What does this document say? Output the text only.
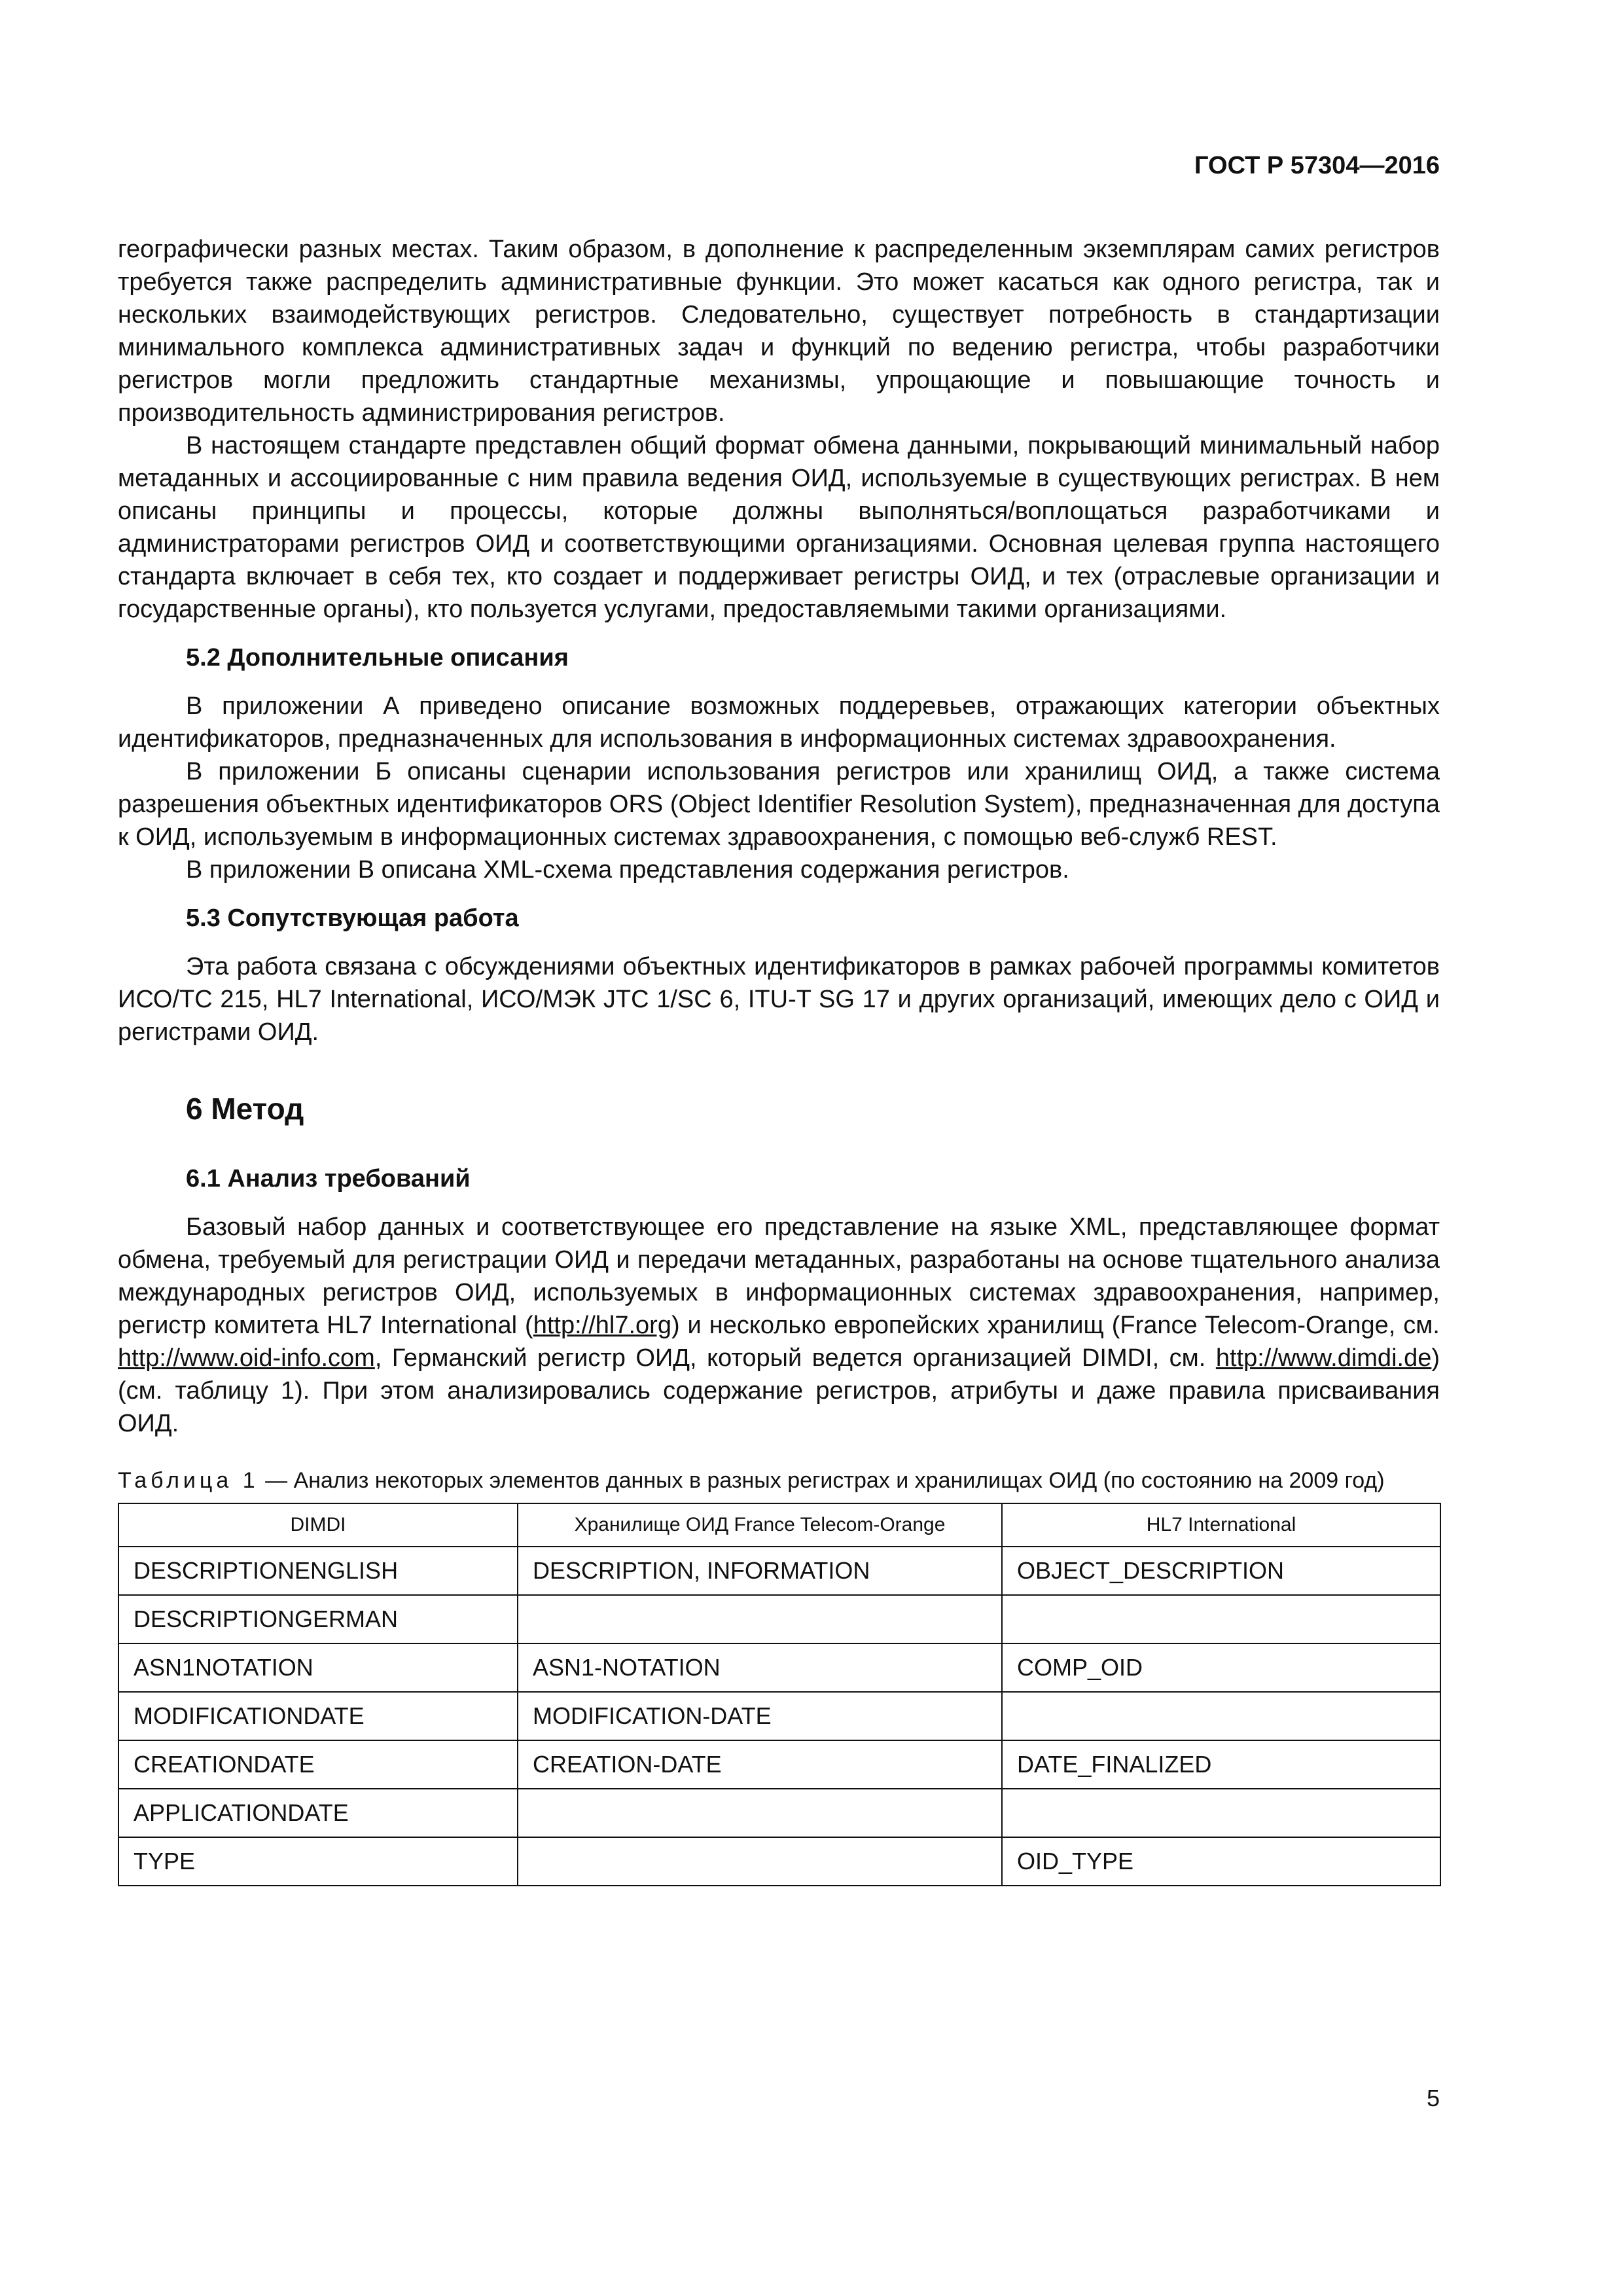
ГОСТ Р 57304—2016

географически разных местах. Таким образом, в дополнение к распределенным экземплярам самих регистров требуется также распределить административные функции. Это может касаться как одного регистра, так и нескольких взаимодействующих регистров. Следовательно, существует потребность в стандартизации минимального комплекса административных задач и функций по ведению регистра, чтобы разработчики регистров могли предложить стандартные механизмы, упрощающие и повышающие точность и производительность администрирования регистров.

В настоящем стандарте представлен общий формат обмена данными, покрывающий минимальный набор метаданных и ассоциированные с ним правила ведения ОИД, используемые в существующих регистрах. В нем описаны принципы и процессы, которые должны выполняться/воплощаться разработчиками и администраторами регистров ОИД и соответствующими организациями. Основная целевая группа настоящего стандарта включает в себя тех, кто создает и поддерживает регистры ОИД, и тех (отраслевые организации и государственные органы), кто пользуется услугами, предоставляемыми такими организациями.

5.2 Дополнительные описания

В приложении А приведено описание возможных поддеревьев, отражающих категории объектных идентификаторов, предназначенных для использования в информационных системах здравоохранения.

В приложении Б описаны сценарии использования регистров или хранилищ ОИД, а также система разрешения объектных идентификаторов ORS (Object Identifier Resolution System), предназначенная для доступа к ОИД, используемым в информационных системах здравоохранения, с помощью веб-служб REST.

В приложении В описана XML-схема представления содержания регистров.

5.3 Сопутствующая работа

Эта работа связана с обсуждениями объектных идентификаторов в рамках рабочей программы комитетов ИСО/ТС 215, HL7 International, ИСО/МЭК JTC 1/SC 6, ITU-T SG 17 и других организаций, имеющих дело с ОИД и регистрами ОИД.

6 Метод
6.1 Анализ требований

Базовый набор данных и соответствующее его представление на языке XML, представляющее формат обмена, требуемый для регистрации ОИД и передачи метаданных, разработаны на основе тщательного анализа международных регистров ОИД, используемых в информационных системах здравоохранения, например, регистр комитета HL7 International (http://hl7.org) и несколько европейских хранилищ (France Telecom-Orange, см. http://www.oid-info.com, Германский регистр ОИД, который ведется организацией DIMDI, см. http://www.dimdi.de) (см. таблицу 1). При этом анализировались содержание регистров, атрибуты и даже правила присваивания ОИД.

Таблица 1 — Анализ некоторых элементов данных в разных регистрах и хранилищах ОИД (по состоянию на 2009 год)
DIMDI	Хранилище ОИД France Telecom-Orange	HL7 International
DESCRIPTIONENGLISH	DESCRIPTION, INFORMATION	OBJECT_DESCRIPTION
DESCRIPTIONGERMAN		
ASN1NOTATION	ASN1-NOTATION	COMP_OID
MODIFICATIONDATE	MODIFICATION-DATE	
CREATIONDATE	CREATION-DATE	DATE_FINALIZED
APPLICATIONDATE		
TYPE		OID_TYPE
5
